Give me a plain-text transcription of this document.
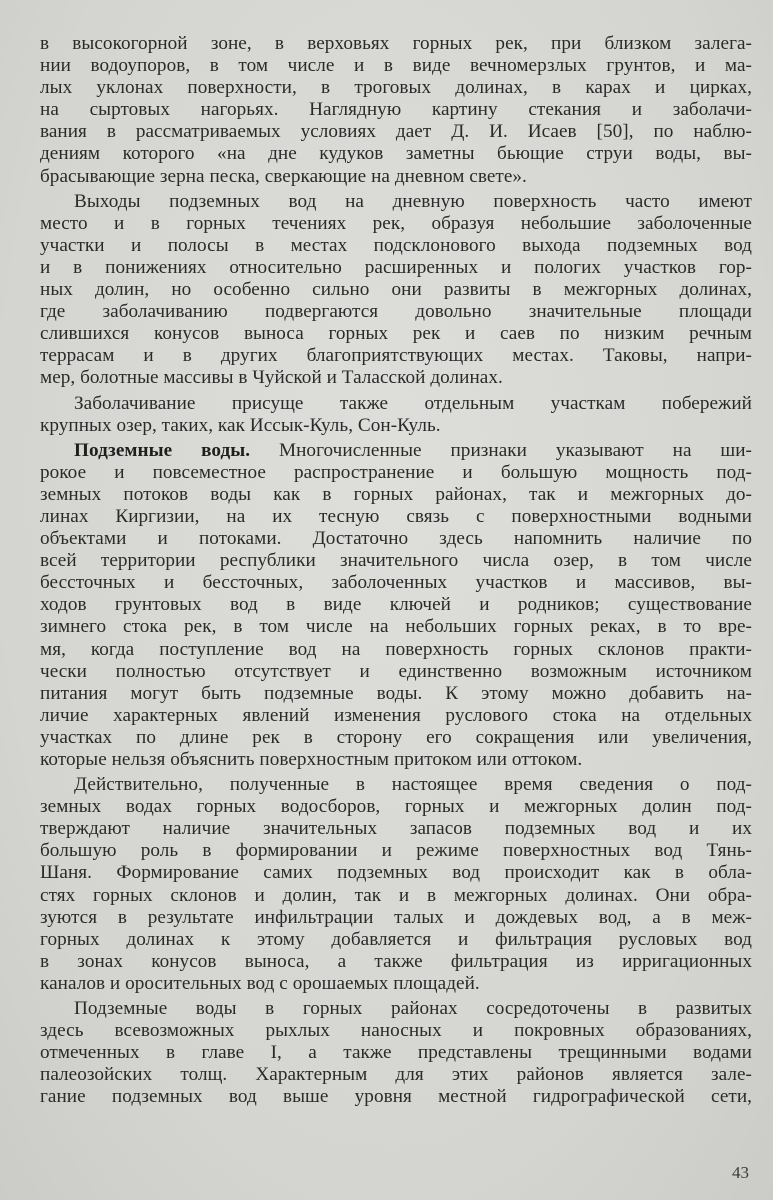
в высокогорной зоне, в верховьях горных рек, при близком залега-
нии водоупоров, в том числе и в виде вечномерзлых грунтов, и ма-
лых уклонах поверхности, в троговых долинах, в карах и цирках,
на сыртовых нагорьях. Наглядную картину стекания и заболачи-
вания в рассматриваемых условиях дает Д. И. Исаев [50], по наблю-
дениям которого «на дне кудуков заметны бьющие струи воды, вы-
брасывающие зерна песка, сверкающие на дневном свете».
Выходы подземных вод на дневную поверхность часто имеют
место и в горных течениях рек, образуя небольшие заболоченные
участки и полосы в местах подсклонового выхода подземных вод
и в понижениях относительно расширенных и пологих участков гор-
ных долин, но особенно сильно они развиты в межгорных долинах,
где заболачиванию подвергаются довольно значительные площади
слившихся конусов выноса горных рек и саев по низким речным
террасам и в других благоприятствующих местах. Таковы, напри-
мер, болотные массивы в Чуйской и Таласской долинах.
Заболачивание присуще также отдельным участкам побережий
крупных озер, таких, как Иссык-Куль, Сон-Куль.
Подземные воды. Многочисленные признаки указывают на ши-
рокое и повсеместное распространение и большую мощность под-
земных потоков воды как в горных районах, так и межгорных до-
линах Киргизии, на их тесную связь с поверхностными водными
объектами и потоками. Достаточно здесь напомнить наличие по
всей территории республики значительного числа озер, в том числе
бессточных и бессточных, заболоченных участков и массивов, вы-
ходов грунтовых вод в виде ключей и родников; существование
зимнего стока рек, в том числе на небольших горных реках, в то вре-
мя, когда поступление вод на поверхность горных склонов практи-
чески полностью отсутствует и единственно возможным источником
питания могут быть подземные воды. К этому можно добавить на-
личие характерных явлений изменения руслового стока на отдельных
участках по длине рек в сторону его сокращения или увеличения,
которые нельзя объяснить поверхностным притоком или оттоком.
Действительно, полученные в настоящее время сведения о под-
земных водах горных водосборов, горных и межгорных долин под-
тверждают наличие значительных запасов подземных вод и их
большую роль в формировании и режиме поверхностных вод Тянь-
Шаня. Формирование самих подземных вод происходит как в обла-
стях горных склонов и долин, так и в межгорных долинах. Они обра-
зуются в результате инфильтрации талых и дождевых вод, а в меж-
горных долинах к этому добавляется и фильтрация русловых вод
в зонах конусов выноса, а также фильтрация из ирригационных
каналов и оросительных вод с орошаемых площадей.
Подземные воды в горных районах сосредоточены в развитых
здесь всевозможных рыхлых наносных и покровных образованиях,
отмеченных в главе I, а также представлены трещинными водами
палеозойских толщ. Характерным для этих районов является зале-
гание подземных вод выше уровня местной гидрографической сети,
43
